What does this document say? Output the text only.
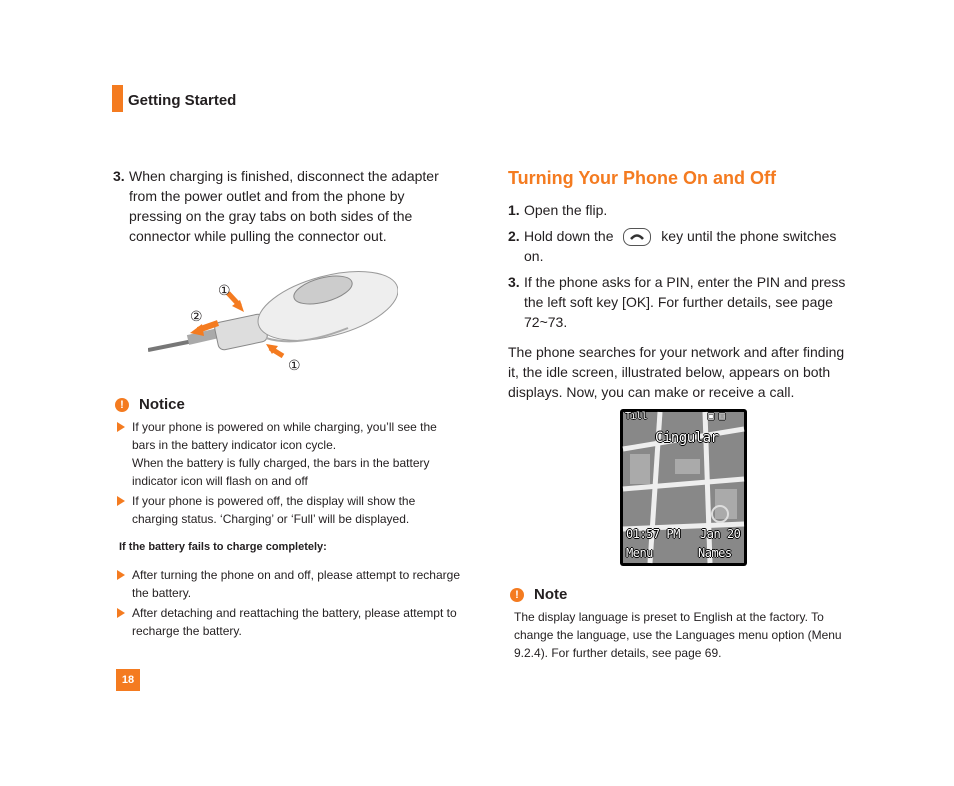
Getting Started
3. When charging is finished, disconnect the adapter from the power outlet and from the phone by pressing on the gray tabs on both sides of the connector while pulling the connector out.
①
②
①
!	Notice
If your phone is powered on while charging, you’ll see the bars in the battery indicator icon cycle.
When the battery is fully charged, the bars in the battery indicator icon will flash on and off
If your phone is powered off, the display will show the charging status. ‘Charging’ or ‘Full’ will be displayed.
If the battery fails to charge completely:
After turning the phone on and off, please attempt to recharge the battery.
After detaching and reattaching the battery, please attempt to recharge the battery.
18
Turning Your Phone On and Off
1. Open the flip.
2. Hold down the	key until the phone switches on.
3. If the phone asks for a PIN, enter the PIN and press the left soft key [OK]. For further details, see page 72~73.
The phone searches for your network and after finding it, the idle screen, illustrated below, appears on both displays. Now, you can make or receive a call.
Tıll	▣ ▥
Cingular
01:57 PM Jan 20
Menu	Names
!	Note
The display language is preset to English at the factory. To change the language, use the Languages menu option (Menu 9.2.4). For further details, see page 69.
